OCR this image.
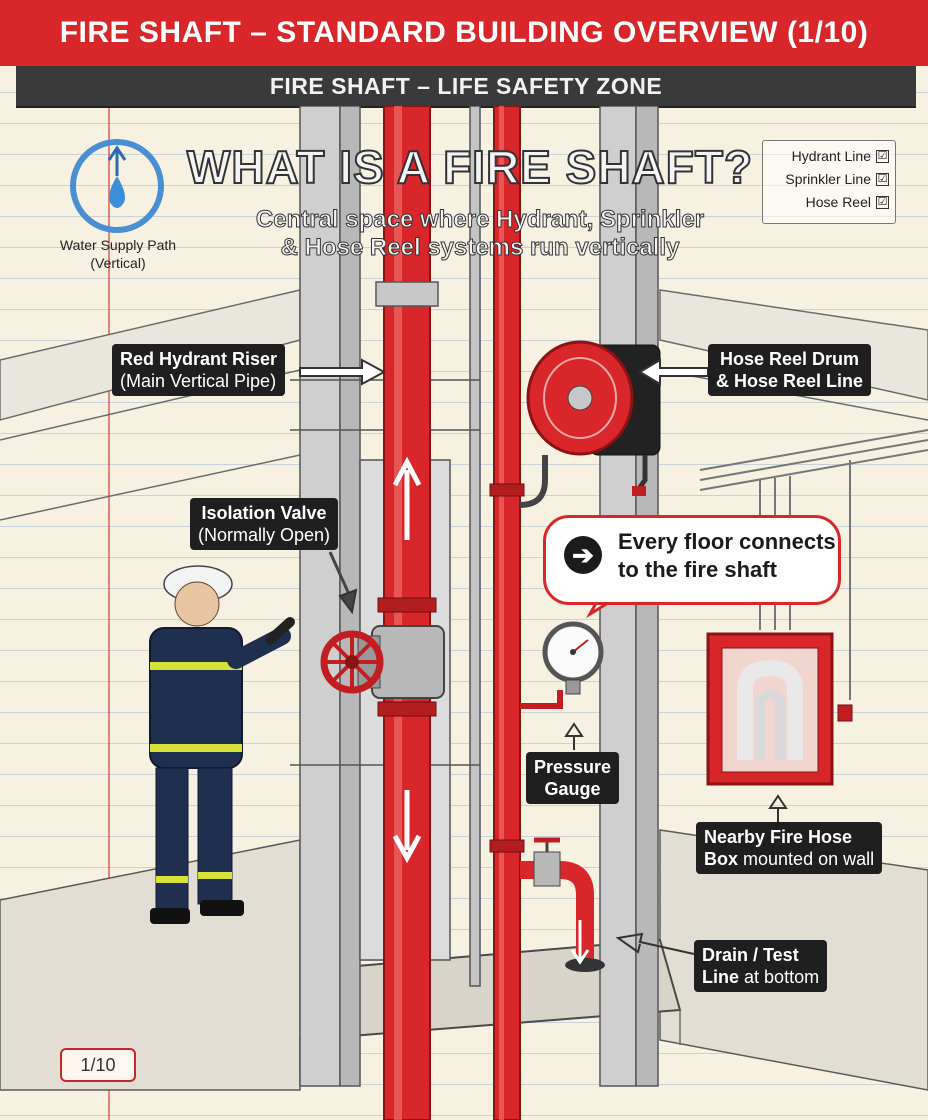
FIRE SHAFT – STANDARD BUILDING OVERVIEW (1/10)
FIRE SHAFT – LIFE SAFETY ZONE
WHAT IS A FIRE SHAFT?
Central space where Hydrant, Sprinkler
& Hose Reel systems run vertically
Water Supply Path
(Vertical)
Hydrant Line ☑
Sprinkler Line ☑
Hose Reel ☑
Red Hydrant Riser
(Main Vertical Pipe)
Hose Reel Drum
& Hose Reel Line
Isolation Valve
(Normally Open)
Pressure
Gauge
Nearby Fire Hose
Box mounted on wall
Drain / Test
Line at bottom
➔	Every floor connects
to the fire shaft
1/10
